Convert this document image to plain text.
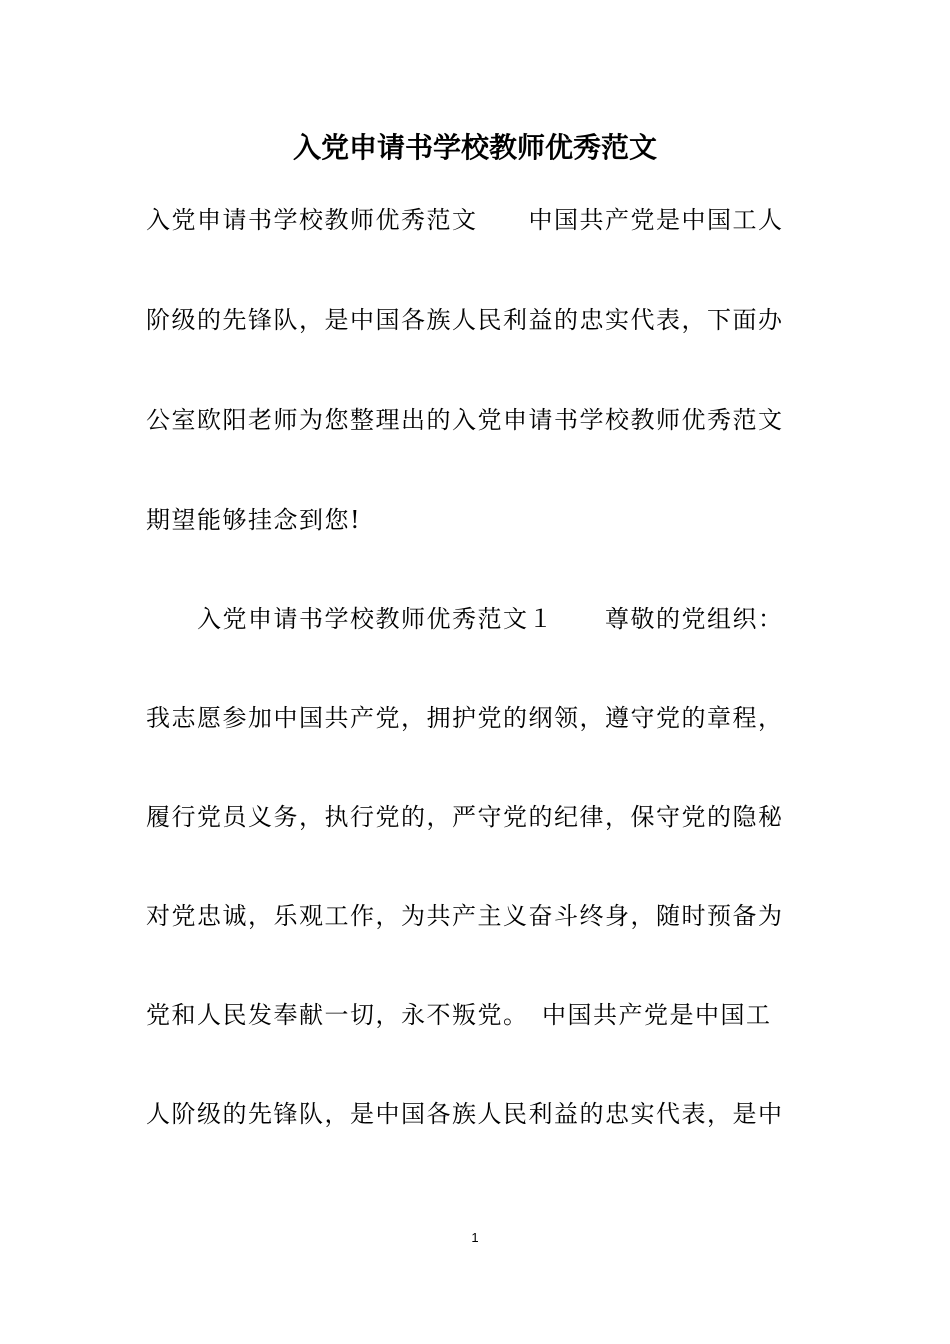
入党申请书学校教师优秀范文
入党申请书学校教师优秀范文　　中国共产党是中国工人
阶级的先锋队，是中国各族人民利益的忠实代表，下面办
公室欧阳老师为您整理出的入党申请书学校教师优秀范文
期望能够挂念到您!
　　入党申请书学校教师优秀范文１　　尊敬的党组织：
我志愿参加中国共产党，拥护党的纲领，遵守党的章程，
履行党员义务，执行党的，严守党的纪律，保守党的隐秘
对党忠诚，乐观工作，为共产主义奋斗终身，随时预备为
党和人民发奉献一切，永不叛党。　中国共产党是中国工
人阶级的先锋队，是中国各族人民利益的忠实代表，是中
1
